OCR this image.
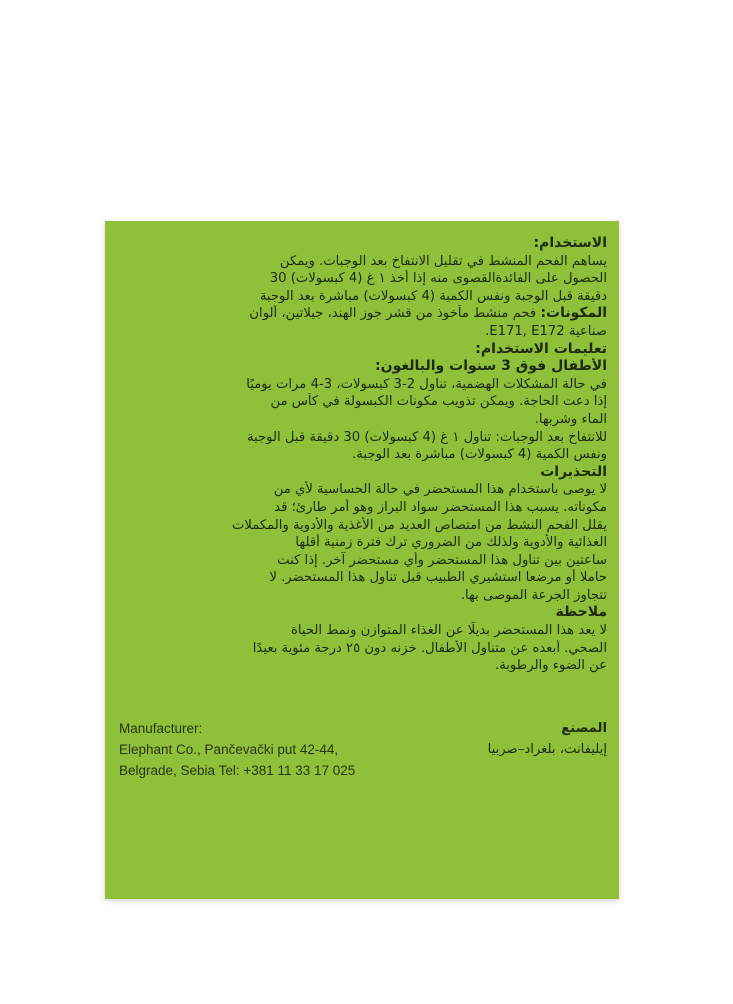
الاستخدام:
يساهم الفحم المنشط في تقليل الانتفاخ بعد الوجبات. ويمكن
الحصول على الفائدةالقصوى منه إذا أخذ ١ غ (4 كبسولات) 30
دقيقة قبل الوجبة ونفس الكمية (4 كبسولات) مباشرة بعد الوجبة
المكونات: فحم منشط مأخوذ من قشر جوز الهند، جيلاتين، ألوان
صناعية E171, E172.
تعليمات الاستخدام:
الأطفال فوق 3 سنوات والبالغون:
في حالة المشكلات الهضمية، تناول 2-3 كبسولات، 3-4 مرات يوميًا
إذا دعت الحاجة. ويمكن تذويب مكونات الكبسولة في كأس من
الماء وشربها.
للانتفاخ بعد الوجبات: تناول ١ غ (4 كبسولات) 30 دقيقة قبل الوجبة
ونفس الكمية (4 كبسولات) مباشرة بعد الوجبة.
التحذيرات
لا يوصى باستخدام هذا المستحضر في حالة الحساسية لأي من
مكوناته. يسبب هذا المستحضر سواد البراز وهو أمر طارئ؛ قد
يقلل الفحم النشط من امتصاص العديد من الأغذية والأدوية والمكملات
الغذائية والأدوية ولذلك من الضروري ترك فترة زمنية أقلها
ساعتين بين تناول هذا المستحضر وأي مستحضر آخر. إذا كنت
حاملا أو مرضعا استشيري الطبيب قبل تناول هذا المستحضر. لا
تتجاوز الجرعة الموصى بها.
ملاحظة
لا يعد هذا المستحضر بديلًا عن الغذاء المتوازن ونمط الحياة
الصحي. أبعده عن متناول الأطفال. خزنه دون ٢٥ درجة مئوية بعيدًا
عن الضوء والرطوبة.
Manufacturer:
Elephant Co., Pančevački put 42-44,
Belgrade, Sebia Tel: +381 11 33 17 025
المصنع
إيليفانت، بلغراد–صربيا
